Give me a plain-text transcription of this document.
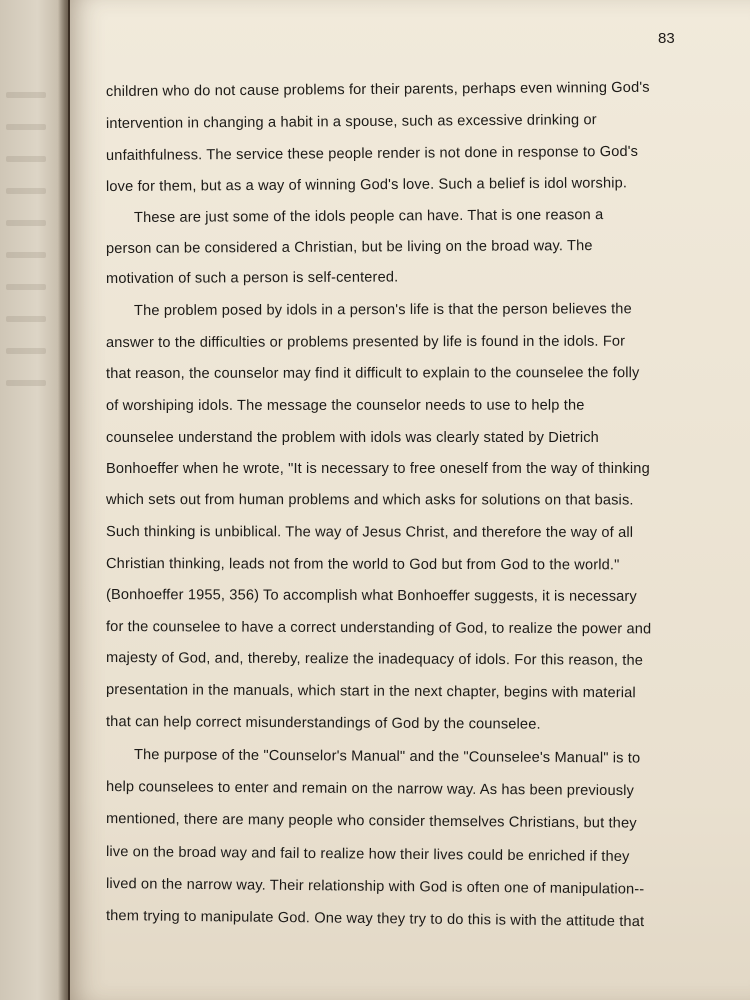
83
children who do not cause problems for their parents, perhaps even winning God's
intervention in changing a habit in a spouse, such as excessive drinking or
unfaithfulness. The service these people render is not done in response to God's
love for them, but as a way of winning God's love. Such a belief is idol worship.
These are just some of the idols people can have. That is one reason a
person can be considered a Christian, but be living on the broad way. The
motivation of such a person is self-centered.
The problem posed by idols in a person's life is that the person believes the
answer to the difficulties or problems presented by life is found in the idols. For
that reason, the counselor may find it difficult to explain to the counselee the folly
of worshiping idols. The message the counselor needs to use to help the
counselee understand the problem with idols was clearly stated by Dietrich
Bonhoeffer when he wrote, "It is necessary to free oneself from the way of thinking
which sets out from human problems and which asks for solutions on that basis.
Such thinking is unbiblical. The way of Jesus Christ, and therefore the way of all
Christian thinking, leads not from the world to God but from God to the world."
(Bonhoeffer 1955, 356) To accomplish what Bonhoeffer suggests, it is necessary
for the counselee to have a correct understanding of God, to realize the power and
majesty of God, and, thereby, realize the inadequacy of idols. For this reason, the
presentation in the manuals, which start in the next chapter, begins with material
that can help correct misunderstandings of God by the counselee.
The purpose of the "Counselor's Manual" and the "Counselee's Manual" is to
help counselees to enter and remain on the narrow way. As has been previously
mentioned, there are many people who consider themselves Christians, but they
live on the broad way and fail to realize how their lives could be enriched if they
lived on the narrow way. Their relationship with God is often one of manipulation--
them trying to manipulate God. One way they try to do this is with the attitude that
